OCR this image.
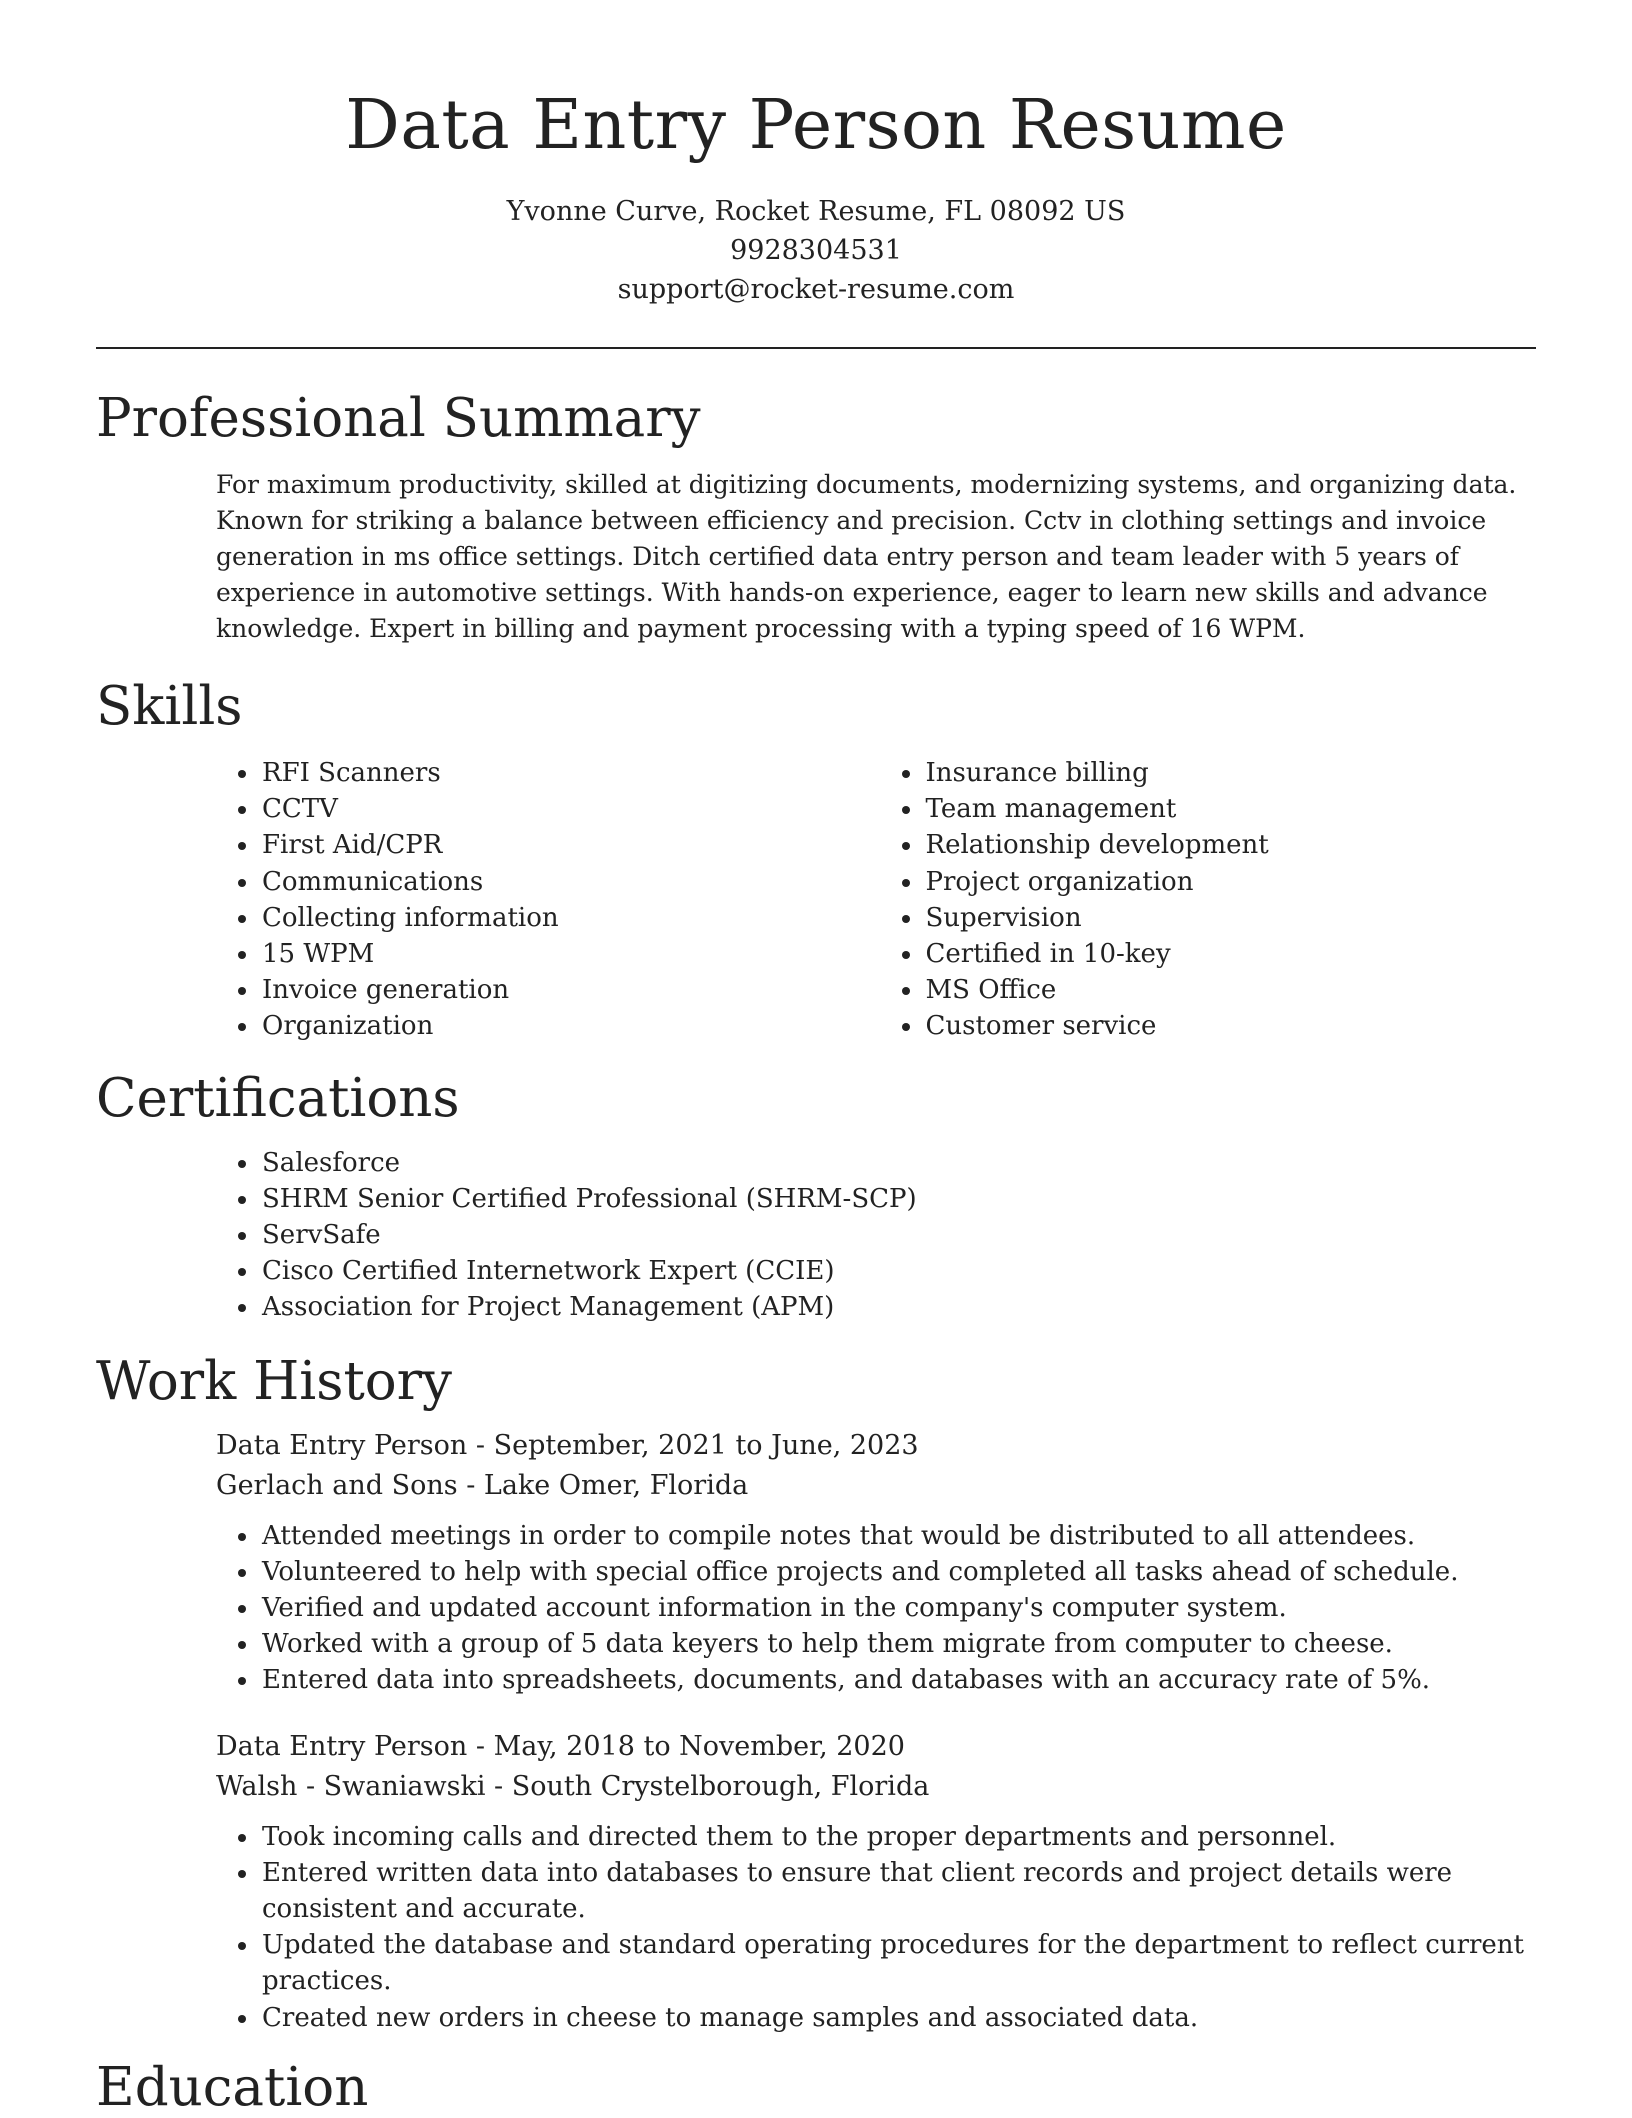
Data Entry Person Resume
Yvonne Curve, Rocket Resume, FL 08092 US
9928304531
support@rocket-resume.com
Professional Summary

For maximum productivity, skilled at digitizing documents, modernizing systems, and organizing data. Known for striking a balance between efficiency and precision. Cctv in clothing settings and invoice generation in ms office settings. Ditch certified data entry person and team leader with 5 years of experience in automotive settings. With hands-on experience, eager to learn new skills and advance knowledge. Expert in billing and payment processing with a typing speed of 16 WPM.

Skills
• RFI Scanners
• CCTV
• First Aid/CPR
• Communications
• Collecting information
• 15 WPM
• Invoice generation
• Organization
• Insurance billing
• Team management
• Relationship development
• Project organization
• Supervision
• Certified in 10-key
• MS Office
• Customer service
Certifications
• Salesforce
• SHRM Senior Certified Professional (SHRM-SCP)
• ServSafe
• Cisco Certified Internetwork Expert (CCIE)
• Association for Project Management (APM)
Work History
Data Entry Person - September, 2021 to June, 2023
Gerlach and Sons - Lake Omer, Florida
• Attended meetings in order to compile notes that would be distributed to all attendees.
• Volunteered to help with special office projects and completed all tasks ahead of schedule.
• Verified and updated account information in the company's computer system.
• Worked with a group of 5 data keyers to help them migrate from computer to cheese.
• Entered data into spreadsheets, documents, and databases with an accuracy rate of 5%.
Data Entry Person - May, 2018 to November, 2020
Walsh - Swaniawski - South Crystelborough, Florida
• Took incoming calls and directed them to the proper departments and personnel.
• Entered written data into databases to ensure that client records and project details were consistent and accurate.
• Updated the database and standard operating procedures for the department to reflect current practices.
• Created new orders in cheese to manage samples and associated data.
Education
